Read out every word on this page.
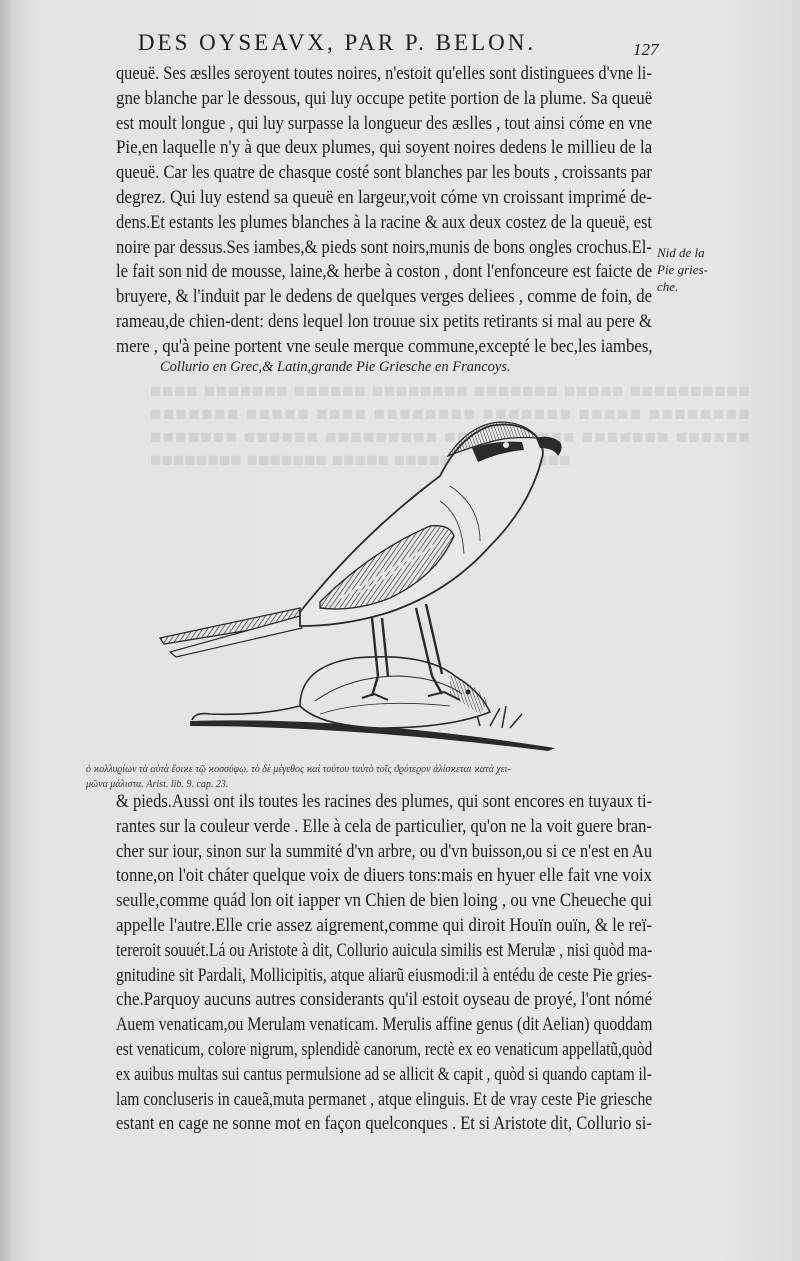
■■■■ ■■■■■■■ ■■■■■■ ■■■■■■■■ ■■■■■■■ ■■■■■ ■■■■■■■■■■ ■■■■■■■ ■■■■■ ■■■■ ■■■■■■■■ ■■■■■■■ ■■■■■ ■■■■■■■■ ■■■■■■■ ■■■■■■ ■■■■■■■■■ ■■■■■ ■■■■■ ■■■■■■■ ■■■■■■ ■■■■■■■■ ■■■■■■■ ■■■■■ ■■■■■■■■ ■■■■■■■
DES OYSEAVX, PAR P. BELON.	127
queuë. Ses æslles seroyent toutes noires, n'estoit qu'elles sont distinguees d'vne li-
gne blanche par le dessous, qui luy occupe petite portion de la plume. Sa queuë
est moult longue , qui luy surpasse la longueur des æslles , tout ainsi cóme en vne
Pie,en laquelle n'y à que deux plumes, qui soyent noires dedens le millieu de la
queuë. Car les quatre de chasque costé sont blanches par les bouts , croissants par
degrez. Qui luy estend sa queuë en largeur,voit cóme vn croissant imprimé de-
dens.Et estants les plumes blanches à la racine & aux deux costez de la queuë, est
noire par dessus.Ses iambes,& pieds sont noirs,munis de bons ongles crochus.El-
le fait son nid de mousse, laine,& herbe à coston , dont l'enfonceure est faicte de
bruyere, & l'induit par le dedens de quelques verges deliees , comme de foin, de
rameau,de chien-dent: dens lequel lon trouue six petits retirants si mal au pere &
mere , qu'à peine portent vne seule merque commune,excepté le bec,les iambes,
Nid de la
Pie gries-
che.
Collurio en Grec,& Latin,grande Pie Griesche en Francoys.
ὁ ϰολλυϱίων τὰ αὐτὰ ἔοιϰε τῷ ϰοσσύφῳ. τὸ δὲ μέγεθος ϰαὶ τούτου ταὐτὸ τοῖς ϑϱύτεϱον ἁλίσϰεται ϰατὰ χει-
μῶνα μάλιστα. Arist. lib. 9. cap. 23.
& pieds.Aussi ont ils toutes les racines des plumes, qui sont encores en tuyaux ti-
rantes sur la couleur verde . Elle à cela de particulier, qu'on ne la voit guere bran-
cher sur iour, sinon sur la summité d'vn arbre, ou d'vn buisson,ou si ce n'est en Au
tonne,on l'oit cháter quelque voix de diuers tons:mais en hyuer elle fait vne voix
seulle,comme quád lon oit iapper vn Chien de bien loing , ou vne Cheueche qui
appelle l'autre.Elle crie assez aigrement,comme qui diroit Houïn ouïn, & le reï-
tereroit souuét.Lá ou Aristote à dit, Collurio auicula similis est Merulæ , nisi quòd ma-
gnitudine sit Pardali, Mollicipitis, atque aliarũ eiusmodi:il à entédu de ceste Pie gries-
che.Parquoy aucuns autres considerants qu'il estoit oyseau de proyé, l'ont nómé
Auem venaticam,ou Merulam venaticam. Merulis affine genus (dit Aelian) quoddam
est venaticum, colore nigrum, splendidè canorum, rectè ex eo venaticum appellatũ,quòd
ex auibus multas sui cantus permulsione ad se allicit & capit , quòd si quando captam il-
lam concluseris in caueã,muta permanet , atque elinguis. Et de vray ceste Pie griesche
estant en cage ne sonne mot en façon quelconques . Et si Aristote dit, Collurio si-
